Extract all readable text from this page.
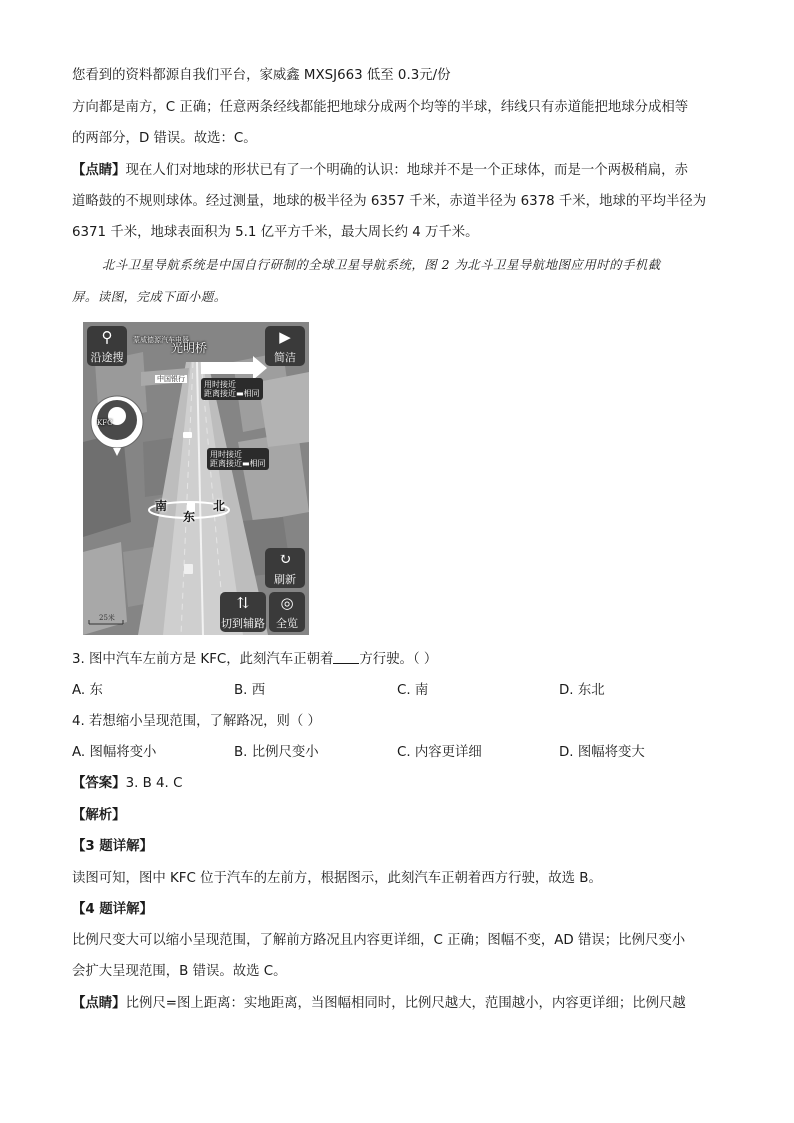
您看到的资料都源自我们平台，家威鑫 MXSJ663 低至 0.3元/份
方向都是南方，C 正确；任意两条经线都能把地球分成两个均等的半球，纬线只有赤道能把地球分成相等
的两部分，D 错误。故选：C。
【点睛】现在人们对地球的形状已有了一个明确的认识：地球并不是一个正球体，而是一个两极稍扁，赤
道略鼓的不规则球体。经过测量，地球的极半径为 6357 千米，赤道半径为 6378 千米，地球的平均半径为
6371 千米，地球表面积为 5.1 亿平方千米，最大周长约 4 万千米。
北斗卫星导航系统是中国自行研制的全球卫星导航系统，图 2 为北斗卫星导航地图应用时的手机截
屏。读图，完成下面小题。
⚲
沿途搜
▶
简洁
↻
刷新
⇅
切到辅路
◎
全览
光明桥
蒙威德源汽车电器
中国银行
KFC
用时接近
距离接近▬相同
用时接近
距离接近▬相同
南
东
北
25米
3. 图中汽车左前方是 KFC，此刻汽车正朝着 方行驶。（ ）
A. 东	B. 西	C. 南	D. 东北
4. 若想缩小呈现范围，了解路况，则（ ）
A. 图幅将变小	B. 比例尺变小	C. 内容更详细	D. 图幅将变大
【答案】3. B 4. C
【解析】
【3 题详解】
读图可知，图中 KFC 位于汽车的左前方，根据图示，此刻汽车正朝着西方行驶，故选 B。
【4 题详解】
比例尺变大可以缩小呈现范围，了解前方路况且内容更详细，C 正确；图幅不变，AD 错误；比例尺变小
会扩大呈现范围，B 错误。故选 C。
【点睛】比例尺=图上距离：实地距离，当图幅相同时，比例尺越大，范围越小，内容更详细；比例尺越
